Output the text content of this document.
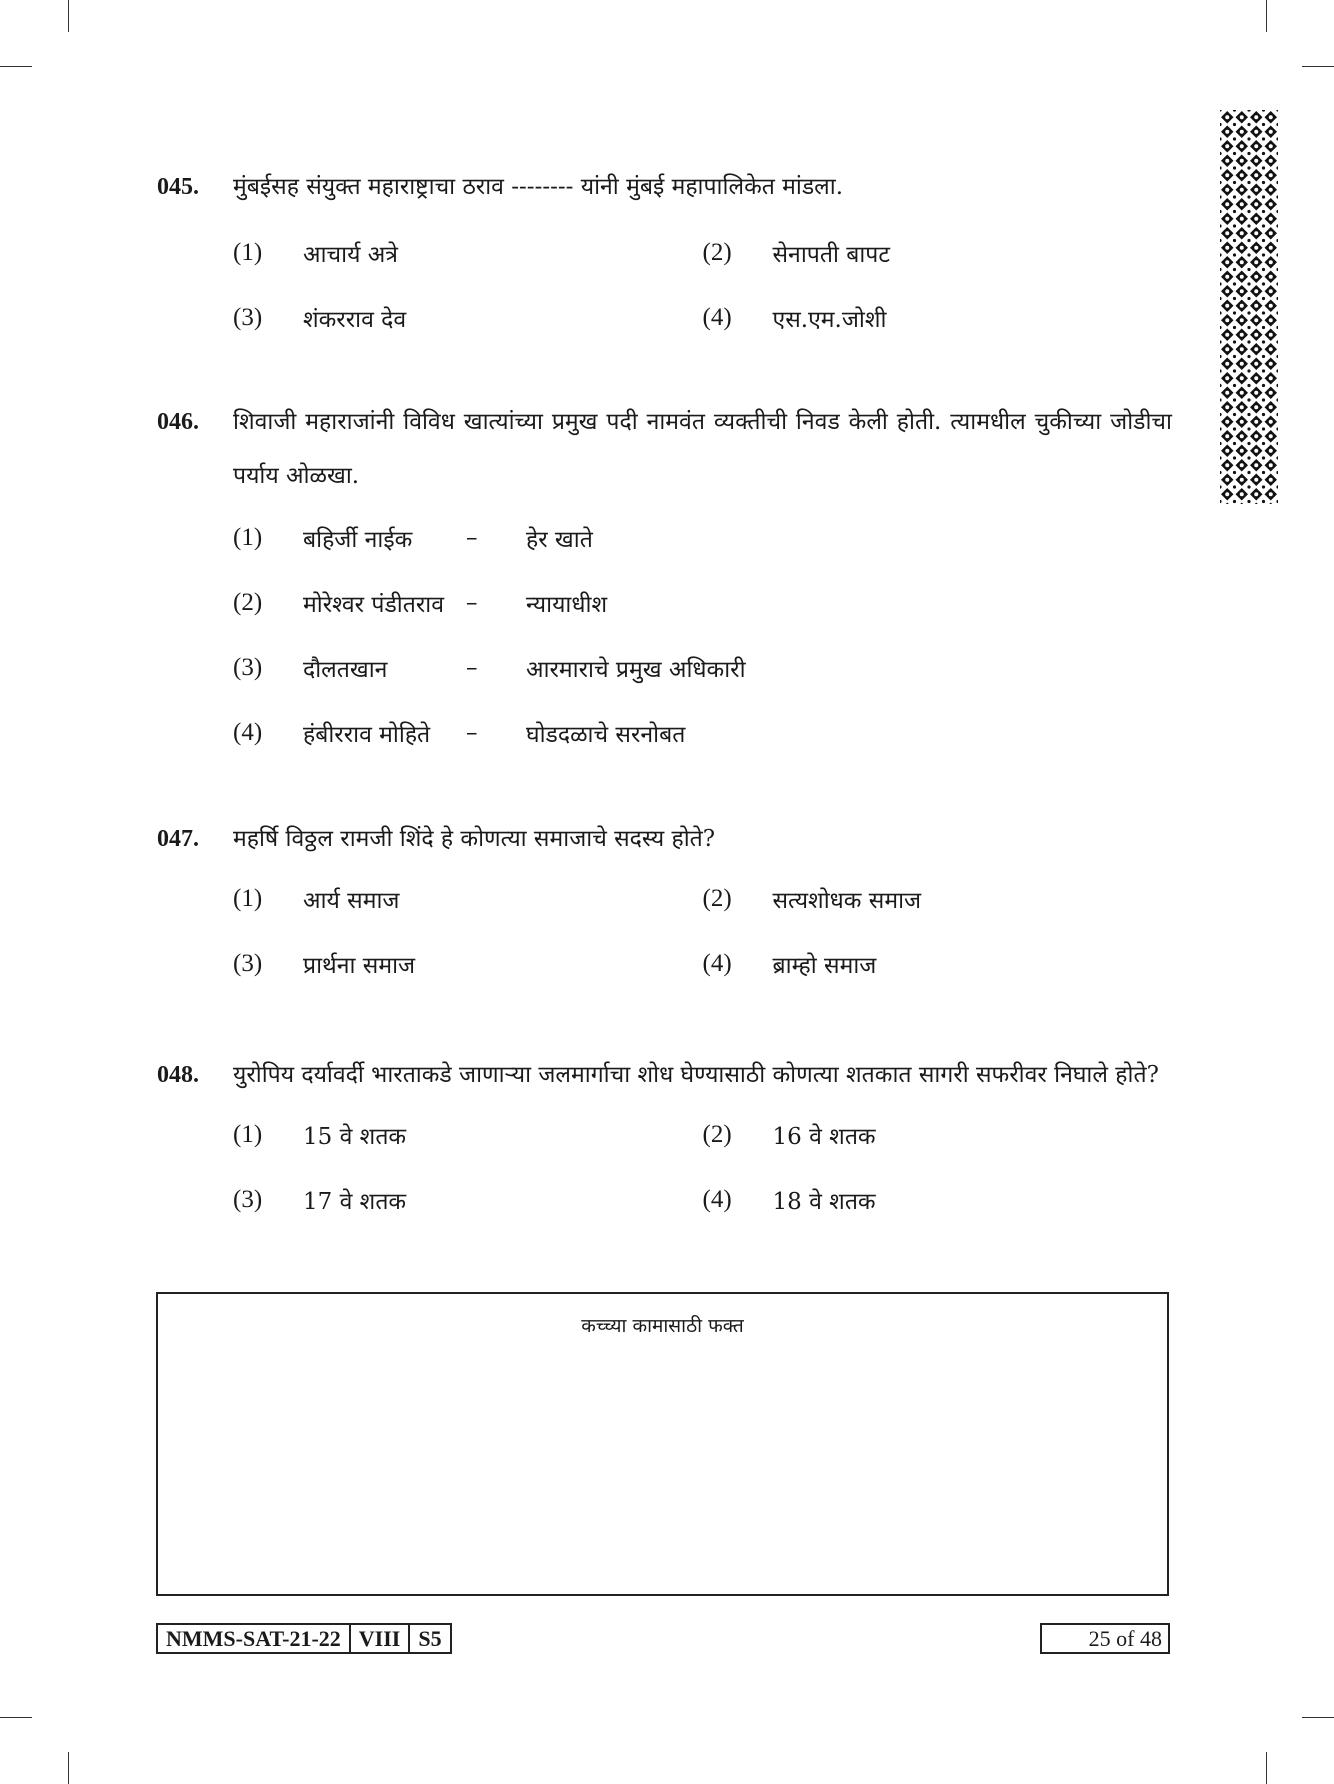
045.	मुंबईसह संयुक्त महाराष्ट्राचा ठराव -------- यांनी मुंबई महापालिकेत मांडला.
(1)	आचार्य अत्रे	(2)	सेनापती बापट
(3)	शंकरराव देव	(4)	एस.एम.जोशी
046.	शिवाजी महाराजांनी विविध खात्यांच्या प्रमुख पदी नामवंत व्यक्तीची निवड केली होती. त्यामधील चुकीच्या जोडीचा पर्याय ओळखा.
(1)	बहिर्जी नाईक	–	हेर खाते
(2)	मोरेश्वर पंडीतराव –	न्यायाधीश
(3)	दौलतखान	–	आरमाराचे प्रमुख अधिकारी
(4)	हंबीरराव मोहिते	–	घोडदळाचे सरनोबत
047.	महर्षि विठ्ठल रामजी शिंदे हे कोणत्या समाजाचे सदस्य होते?
(1)	आर्य समाज	(2)	सत्यशोधक समाज
(3)	प्रार्थना समाज	(4)	ब्राम्हो समाज
048.	युरोपिय दर्यावर्दी भारताकडे जाणाऱ्या जलमार्गाचा शोध घेण्यासाठी कोणत्या शतकात सागरी सफरीवर निघाले होते?
(1)	15 वे शतक	(2)	16 वे शतक
(3)	17 वे शतक	(4)	18 वे शतक
कच्च्या कामासाठी फक्त
NMMS-SAT-21-22 VIII S5	25 of 48
